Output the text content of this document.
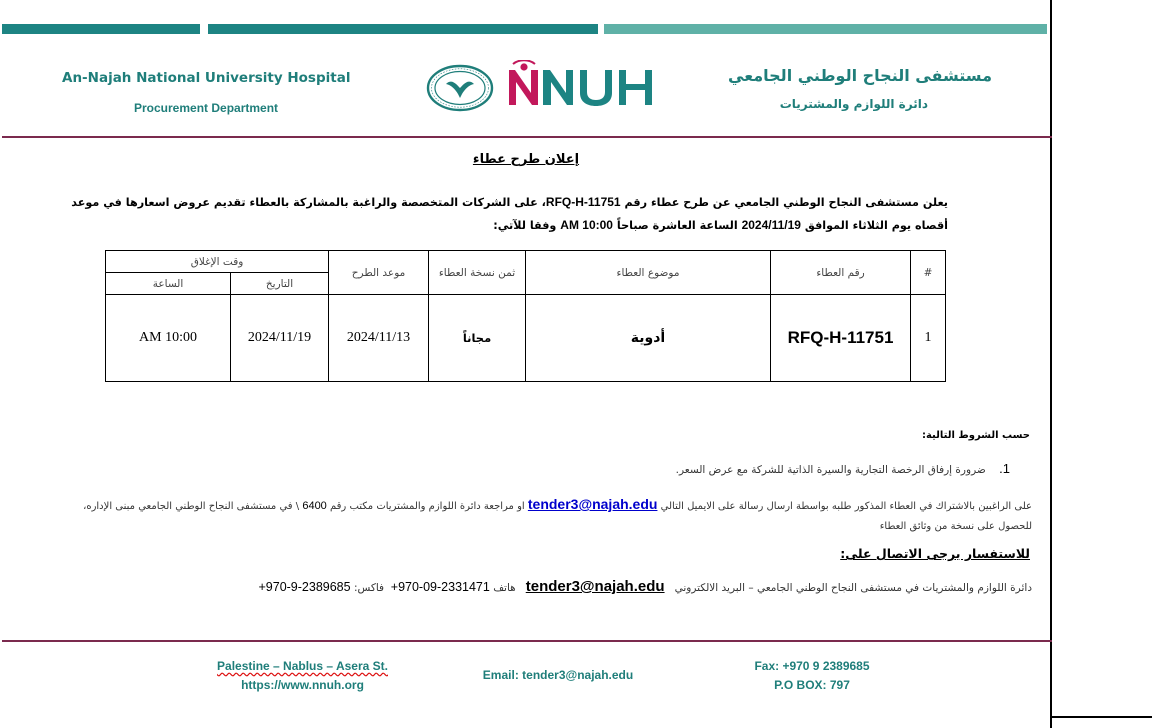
An-Najah National University Hospital
Procurement Department
مستشفى النجاح الوطني الجامعي
دائرة اللوازم والمشتريات
إعلان طرح عطاء
يعلن مستشفى النجاح الوطني الجامعي عن طرح عطاء رقم RFQ-H-11751، على الشركات المتخصصة والراغبة بالمشاركة بالعطاء تقديم عروض اسعارها في موعد أقصاه يوم الثلاثاء الموافق 2024/11/19 الساعة العاشرة صباحاً AM 10:00 وفقا للآتي:
#	رقم العطاء	موضوع العطاء	ثمن نسخة العطاء	موعد الطرح	وقت الإغلاق	
					التاريخ	الساعة
1	RFQ-H-11751	أدوية	مجاناً	2024/11/13	2024/11/19	AM 10:00
حسب الشروط التالية:
1.    ضرورة إرفاق الرخصة التجارية والسيرة الذاتية للشركة مع عرض السعر.
على الراغبين بالاشتراك في العطاء المذكور طلبه بواسطة ارسال رسالة على الايميل التالي tender3@najah.edu او مراجعة دائرة اللوازم والمشتريات مكتب رقم 6400 \ في مستشفى النجاح الوطني الجامعي مبنى الإداره، للحصول على نسخة من وثائق العطاء
للاستفسار يرجى الاتصال على:
دائرة اللوازم والمشتريات في مستشفى النجاح الوطني الجامعي – البريد الالكتروني   tender3@najah.edu   هاتف +970-09-2331471  فاكس: +970-9-2389685
Palestine – Nablus – Asera St.
https://www.nnuh.org
Email: tender3@najah.edu
Fax: +970 9 2389685
P.O BOX: 797
